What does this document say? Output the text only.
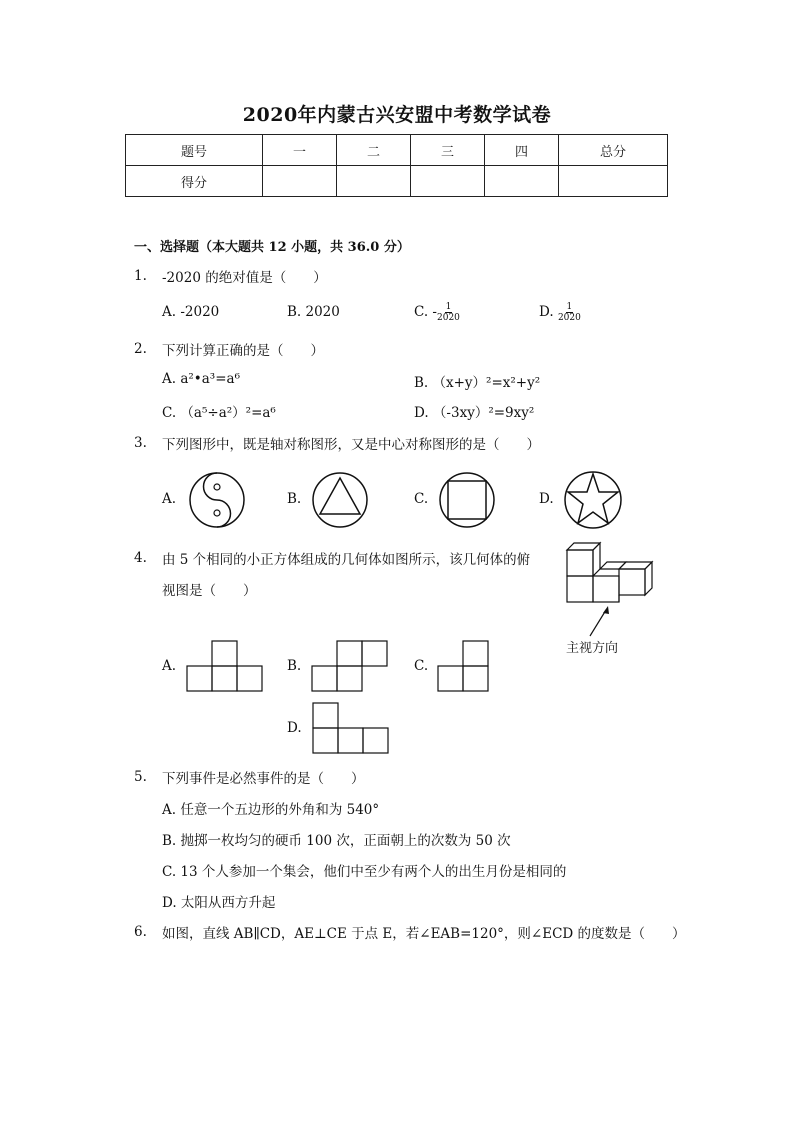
2020年内蒙古兴安盟中考数学试卷
题号	一	二	三	四	总分
得分					
一、选择题（本大题共 12 小题，共 36.0 分）
1. -2020 的绝对值是（　　）
A. -2020	B. 2020	C. - $\frac{1}{2020}$	D. $\frac{1}{2020}$
2. 下列计算正确的是（　　）
A. a²•a³=a⁶	B. （x+y）²=x²+y²
C. （a⁵÷a²）²=a⁶	D. （-3xy）²=9xy²
3. 下列图形中，既是轴对称图形，又是中心对称图形的是（　　）
A.	B.	C.	D.
4. 由 5 个相同的小正方体组成的几何体如图所示，该几何体的俯
视图是（　　）
主视方向
A.	B.	C.
D.
5. 下列事件是必然事件的是（　　）
A. 任意一个五边形的外角和为 540°
B. 抛掷一枚均匀的硬币 100 次，正面朝上的次数为 50 次
C. 13 个人参加一个集会，他们中至少有两个人的出生月份是相同的
D. 太阳从西方升起
6. 如图，直线 AB∥CD，AE⊥CE 于点 E，若∠EAB=120°，则∠ECD 的度数是（　　）
